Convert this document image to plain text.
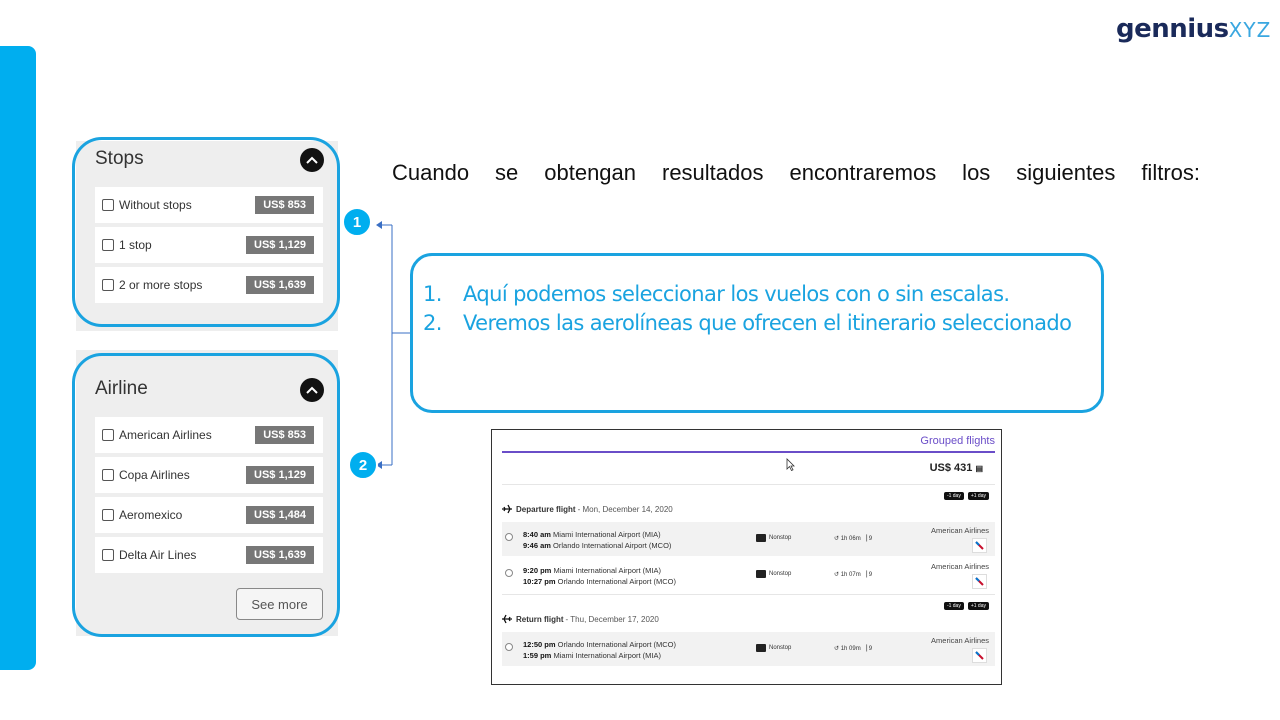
genniusXYZ
Stops
Without stops	US$ 853
1 stop	US$ 1,129
2 or more stops	US$ 1,639
Airline
American Airlines	US$ 853
Copa Airlines	US$ 1,129
Aeromexico	US$ 1,484
Delta Air Lines	US$ 1,639
See more
1
2
Cuando se obtengan resultados encontraremos los siguientes filtros:
1.	Aquí podemos seleccionar los vuelos con o sin escalas.
2.	Veremos las aerolíneas que ofrecen el itinerario seleccionado
Grouped flights
US$ 431 ▤
-1 day	+1 day
Departure flight - Mon, December 14, 2020
8:40 am Miami International Airport (MIA)
9:46 am Orlando International Airport (MCO)
Nonstop	↺ 1h 06m ▕ 9
American Airlines
9:20 pm Miami International Airport (MIA)
10:27 pm Orlando International Airport (MCO)
Nonstop	↺ 1h 07m ▕ 9
American Airlines
-1 day	+1 day
Return flight - Thu, December 17, 2020
12:50 pm Orlando International Airport (MCO)
1:59 pm Miami International Airport (MIA)
Nonstop	↺ 1h 09m ▕ 9
American Airlines
